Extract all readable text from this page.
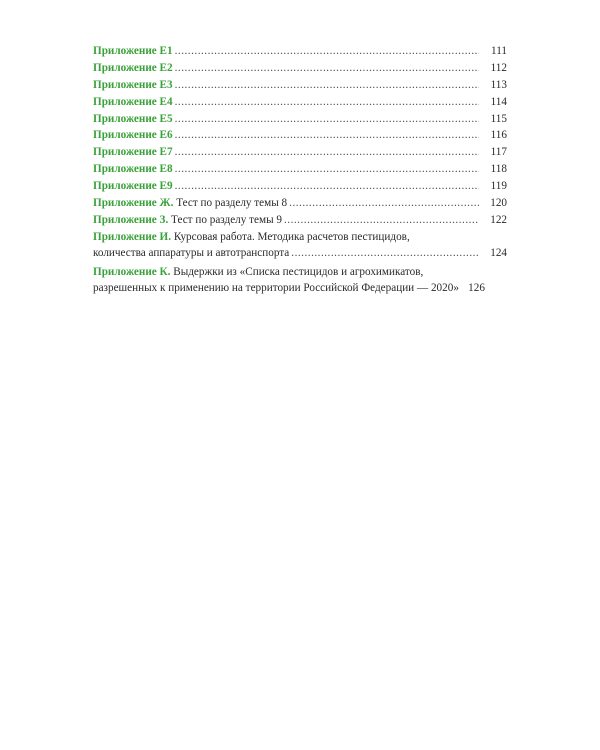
Приложение Е1 .....	111
Приложение Е2 .....	112
Приложение Е3 .....	113
Приложение Е4 .....	114
Приложение Е5 .....	115
Приложение Е6 .....	116
Приложение Е7 .....	117
Приложение Е8 .....	118
Приложение Е9 .....	119
Приложение Ж. Тест по разделу темы 8 .....	120
Приложение З. Тест по разделу темы 9 .....	122
Приложение И. Курсовая работа. Методика расчетов пестицидов,
количества аппаратуры и автотранспорта .....	124
Приложение К. Выдержки из «Списка пестицидов и агрохимикатов,
разрешенных к применению на территории Российской Федерации — 2020» 126
